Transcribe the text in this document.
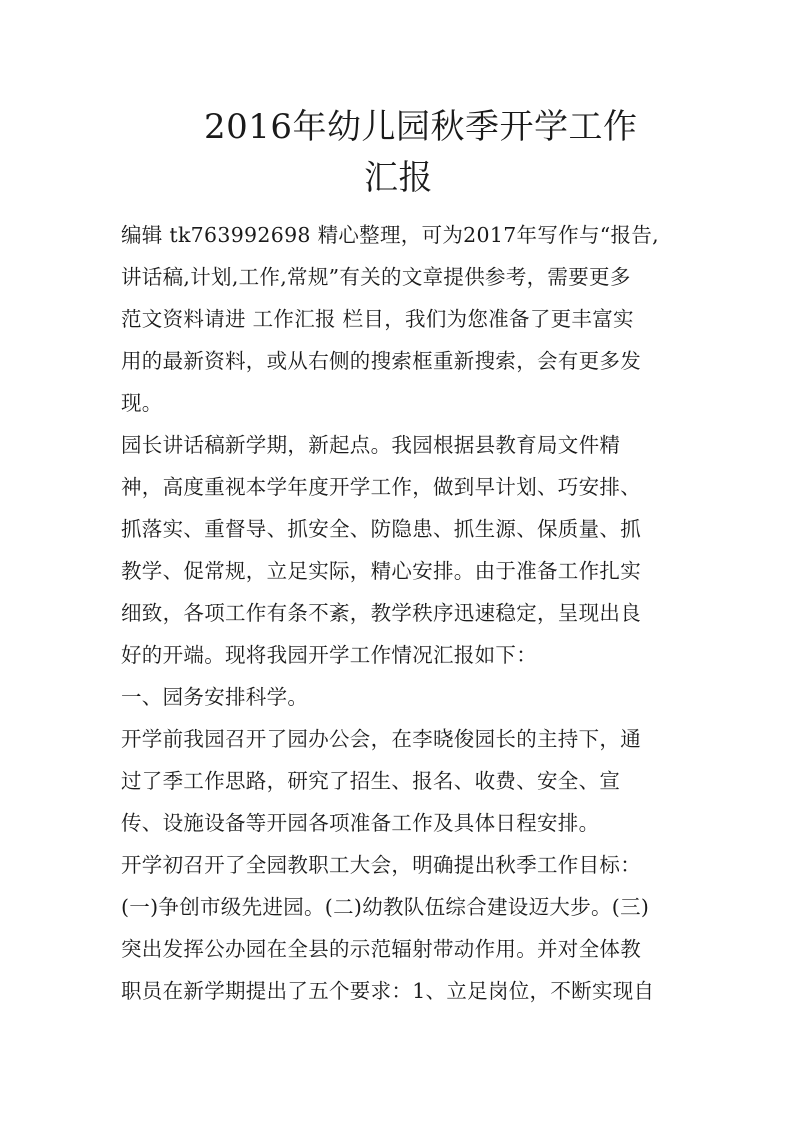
2016年幼儿园秋季开学工作
汇报
编辑 tk763992698 精心整理，可为2017年写作与“报告,
讲话稿,计划,工作,常规”有关的文章提供参考，需要更多
范文资料请进 工作汇报 栏目，我们为您准备了更丰富实
用的最新资料，或从右侧的搜索框重新搜索，会有更多发
现。
园长讲话稿新学期，新起点。我园根据县教育局文件精
神，高度重视本学年度开学工作，做到早计划、巧安排、
抓落实、重督导、抓安全、防隐患、抓生源、保质量、抓
教学、促常规，立足实际，精心安排。由于准备工作扎实
细致，各项工作有条不紊，教学秩序迅速稳定，呈现出良
好的开端。现将我园开学工作情况汇报如下：
一、园务安排科学。
开学前我园召开了园办公会，在李晓俊园长的主持下，通
过了季工作思路，研究了招生、报名、收费、安全、宣
传、设施设备等开园各项准备工作及具体日程安排。
开学初召开了全园教职工大会，明确提出秋季工作目标：
(一)争创市级先进园。(二)幼教队伍综合建设迈大步。(三)
突出发挥公办园在全县的示范辐射带动作用。并对全体教
职员在新学期提出了五个要求：1、立足岗位，不断实现自
